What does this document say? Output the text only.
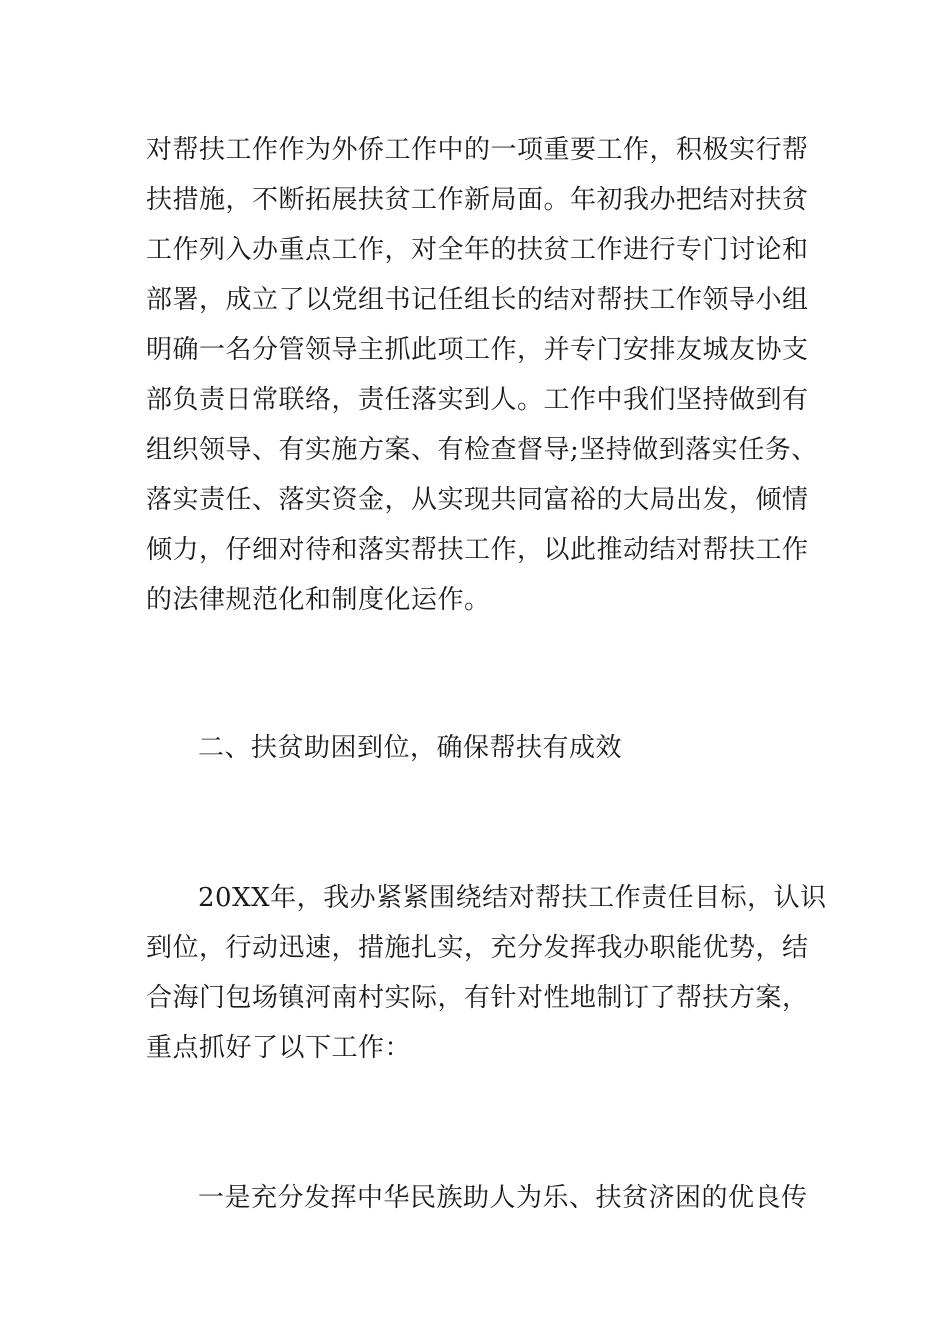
对帮扶工作作为外侨工作中的一项重要工作，积极实行帮
扶措施，不断拓展扶贫工作新局面。年初我办把结对扶贫
工作列入办重点工作，对全年的扶贫工作进行专门讨论和
部署，成立了以党组书记任组长的结对帮扶工作领导小组
明确一名分管领导主抓此项工作，并专门安排友城友协支
部负责日常联络，责任落实到人。工作中我们坚持做到有
组织领导、有实施方案、有检查督导;坚持做到落实任务、
落实责任、落实资金，从实现共同富裕的大局出发，倾情
倾力，仔细对待和落实帮扶工作，以此推动结对帮扶工作
的法律规范化和制度化运作。
二、扶贫助困到位，确保帮扶有成效
20XX年，我办紧紧围绕结对帮扶工作责任目标，认识
到位，行动迅速，措施扎实，充分发挥我办职能优势，结
合海门包场镇河南村实际，有针对性地制订了帮扶方案，
重点抓好了以下工作：
一是充分发挥中华民族助人为乐、扶贫济困的优良传
